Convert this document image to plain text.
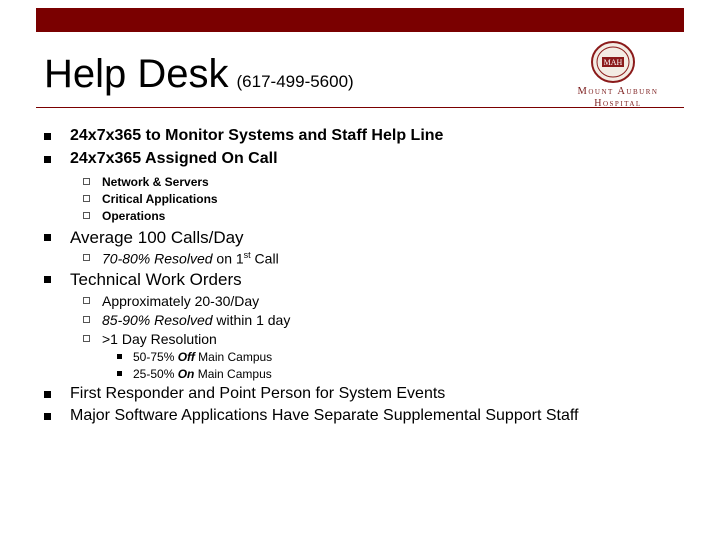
Help Desk (617-499-5600)
MAH
Mount Auburn
Hospital
24x7x365 to Monitor Systems and Staff Help Line
24x7x365 Assigned On Call
Network & Servers
Critical Applications
Operations
Average 100 Calls/Day
70-80% Resolved on 1st Call
Technical Work Orders
Approximately 20-30/Day
85-90% Resolved within 1 day
>1 Day Resolution
50-75% Off Main Campus
25-50% On Main Campus
First Responder and Point Person for System Events
Major Software Applications Have Separate Supplemental Support Staff
